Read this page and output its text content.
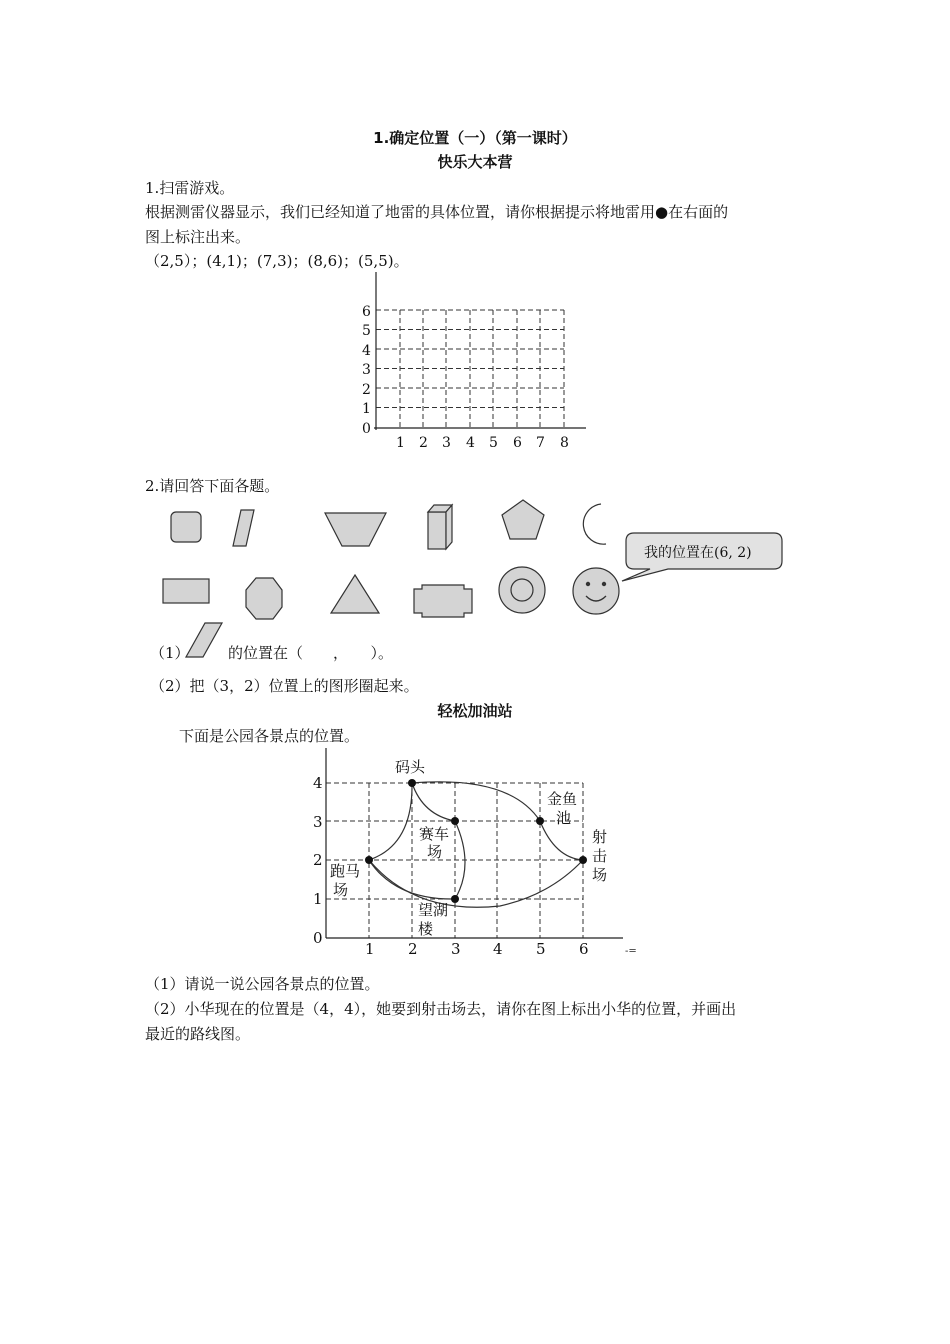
1.确定位置（一）（第一课时）
快乐大本营
1.扫雷游戏。
根据测雷仪器显示，我们已经知道了地雷的具体位置，请你根据提示将地雷用●在右面的
图上标注出来。
（2,5）；(4,1)；(7,3)；(8,6)；(5,5)。
0
1
2
3
4
5
6
1 2 3 4 5 6 7 8
2.请回答下面各题。
我的位置在(6, 2)
（1）	的位置在（　　，　　）。
（2）把（3，2）位置上的图形圈起来。
轻松加油站
下面是公园各景点的位置。
-=
0
1 2 3 4 5 6
1
2
3
4
码头
金鱼
池
赛车
场
射
击
场
跑马
场
望湖
楼
（1）请说一说公园各景点的位置。
（2）小华现在的位置是（4，4），她要到射击场去，请你在图上标出小华的位置，并画出
最近的路线图。
